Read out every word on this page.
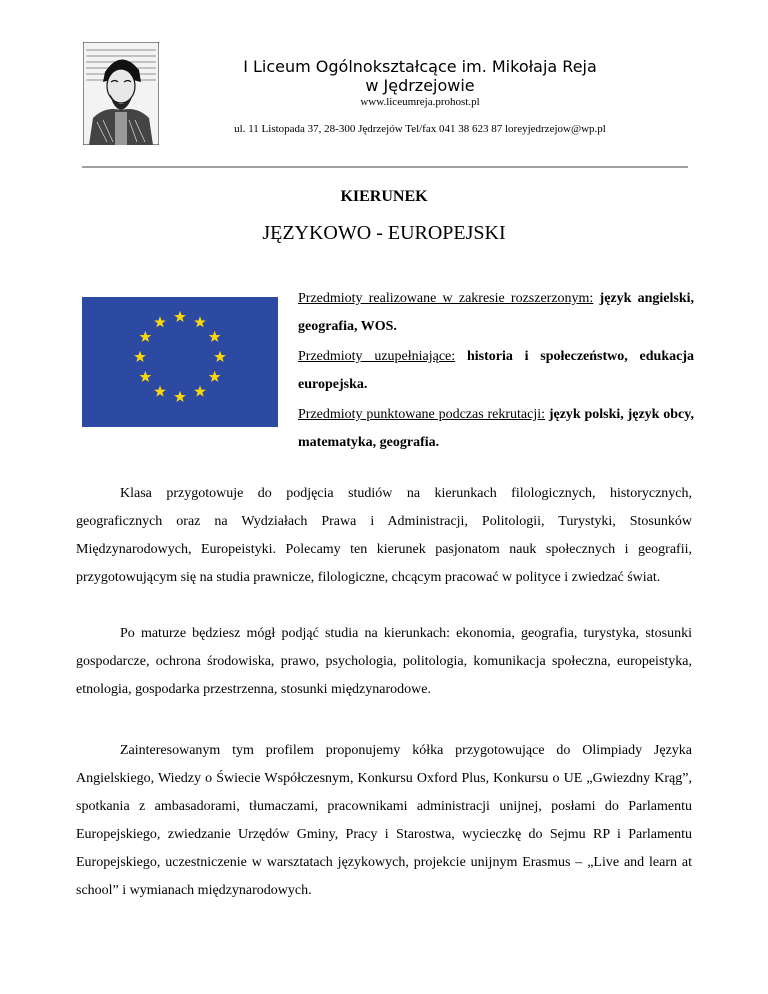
I Liceum Ogólnokształcące im. Mikołaja Reja

w Jędrzejowie

www.liceumreja.prohost.pl
ul. 11 Listopada 37, 28-300 Jędrzejów Tel/fax 041 38 623 87 loreyjedrzejow@wp.pl
KIERUNEK
JĘZYKOWO - EUROPEJSKI
Przedmioty realizowane w zakresie rozszerzonym: język angielski, geografia, WOS.
Przedmioty uzupełniające: historia i społeczeństwo, edukacja europejska.
Przedmioty punktowane podczas rekrutacji: język polski, język obcy, matematyka, geografia.

Klasa przygotowuje do podjęcia studiów na kierunkach filologicznych, historycznych, geograficznych oraz na Wydziałach Prawa i Administracji, Politologii, Turystyki, Stosunków Międzynarodowych, Europeistyki. Polecamy ten kierunek pasjonatom nauk społecznych i geografii, przygotowującym się na studia prawnicze, filologiczne, chcącym pracować w polityce i zwiedzać świat.

Po maturze będziesz mógł podjąć studia na kierunkach: ekonomia, geografia, turystyka, stosunki gospodarcze, ochrona środowiska, prawo, psychologia, politologia, komunikacja społeczna, europeistyka, etnologia, gospodarka przestrzenna, stosunki międzynarodowe.

Zainteresowanym tym profilem proponujemy kółka przygotowujące do Olimpiady Języka Angielskiego, Wiedzy o Świecie Współczesnym, Konkursu Oxford Plus, Konkursu o UE „Gwiezdny Krąg”, spotkania z ambasadorami, tłumaczami, pracownikami administracji unijnej, posłami do Parlamentu Europejskiego, zwiedzanie Urzędów Gminy, Pracy i Starostwa, wycieczkę do Sejmu RP i Parlamentu Europejskiego, uczestniczenie w warsztatach językowych, projekcie unijnym Erasmus – „Live and learn at school” i wymianach międzynarodowych.
